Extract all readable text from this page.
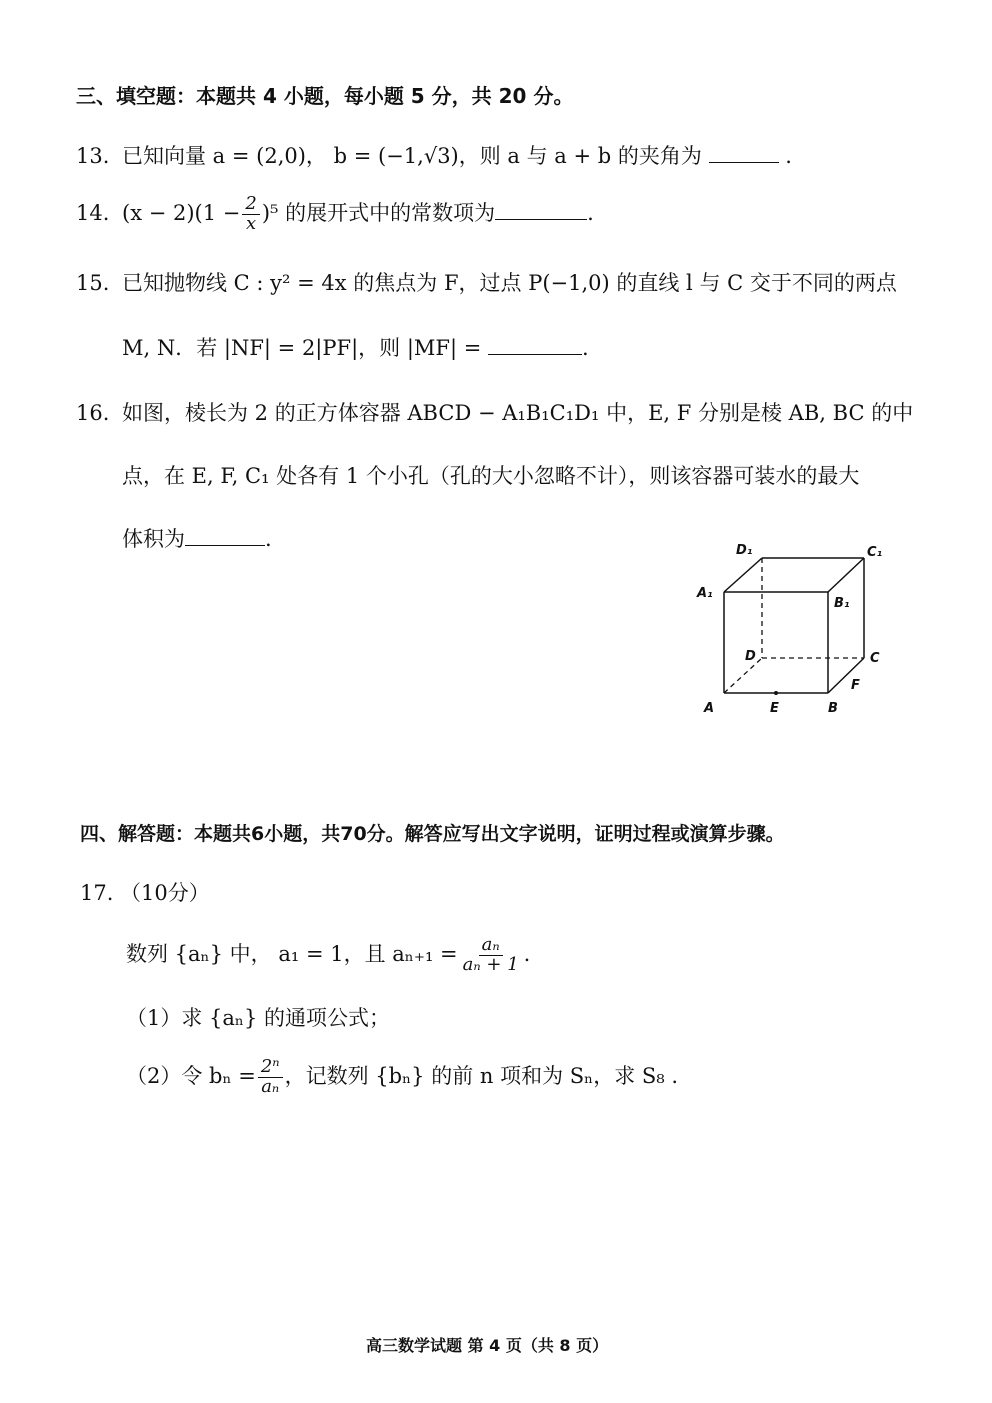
三、填空题：本题共 4 小题，每小题 5 分，共 20 分。
13. 已知向量 a = (2,0)， b = (−1,√3)，则 a 与 a + b 的夹角为	.
14. $(x - 2)(1 - \frac{2}{x} )^5$ 的展开式中的常数项为	.
15. 已知抛物线 C : y² = 4x 的焦点为 F，过点 P(−1,0) 的直线 l 与 C 交于不同的两点
M, N．若 |NF| = 2|PF|，则 |MF| =	.
16. 如图，棱长为 2 的正方体容器 ABCD − A₁B₁C₁D₁ 中，E, F 分别是棱 AB, BC 的中
点，在 E, F, C₁ 处各有 1 个小孔（孔的大小忽略不计），则该容器可装水的最大
体积为	.	D₁	C₁
A₁
B₁
D	C
F
A	E	B
四、解答题：本题共6小题，共70分。解答应写出文字说明，证明过程或演算步骤。
17. （10分）
数列 {aₙ} 中， a₁ = 1，且 $a_{n+1} = \frac{\text{aₙ}}{\text{aₙ + 1}}$ .
（1）求 {aₙ} 的通项公式；
（2）令 $b_n = \frac{\text{2ⁿ}}{\text{aₙ}}$ ，记数列 {bₙ} 的前 n 项和为 Sₙ，求 S₈ .
高三数学试题 第 4 页（共 8 页）
